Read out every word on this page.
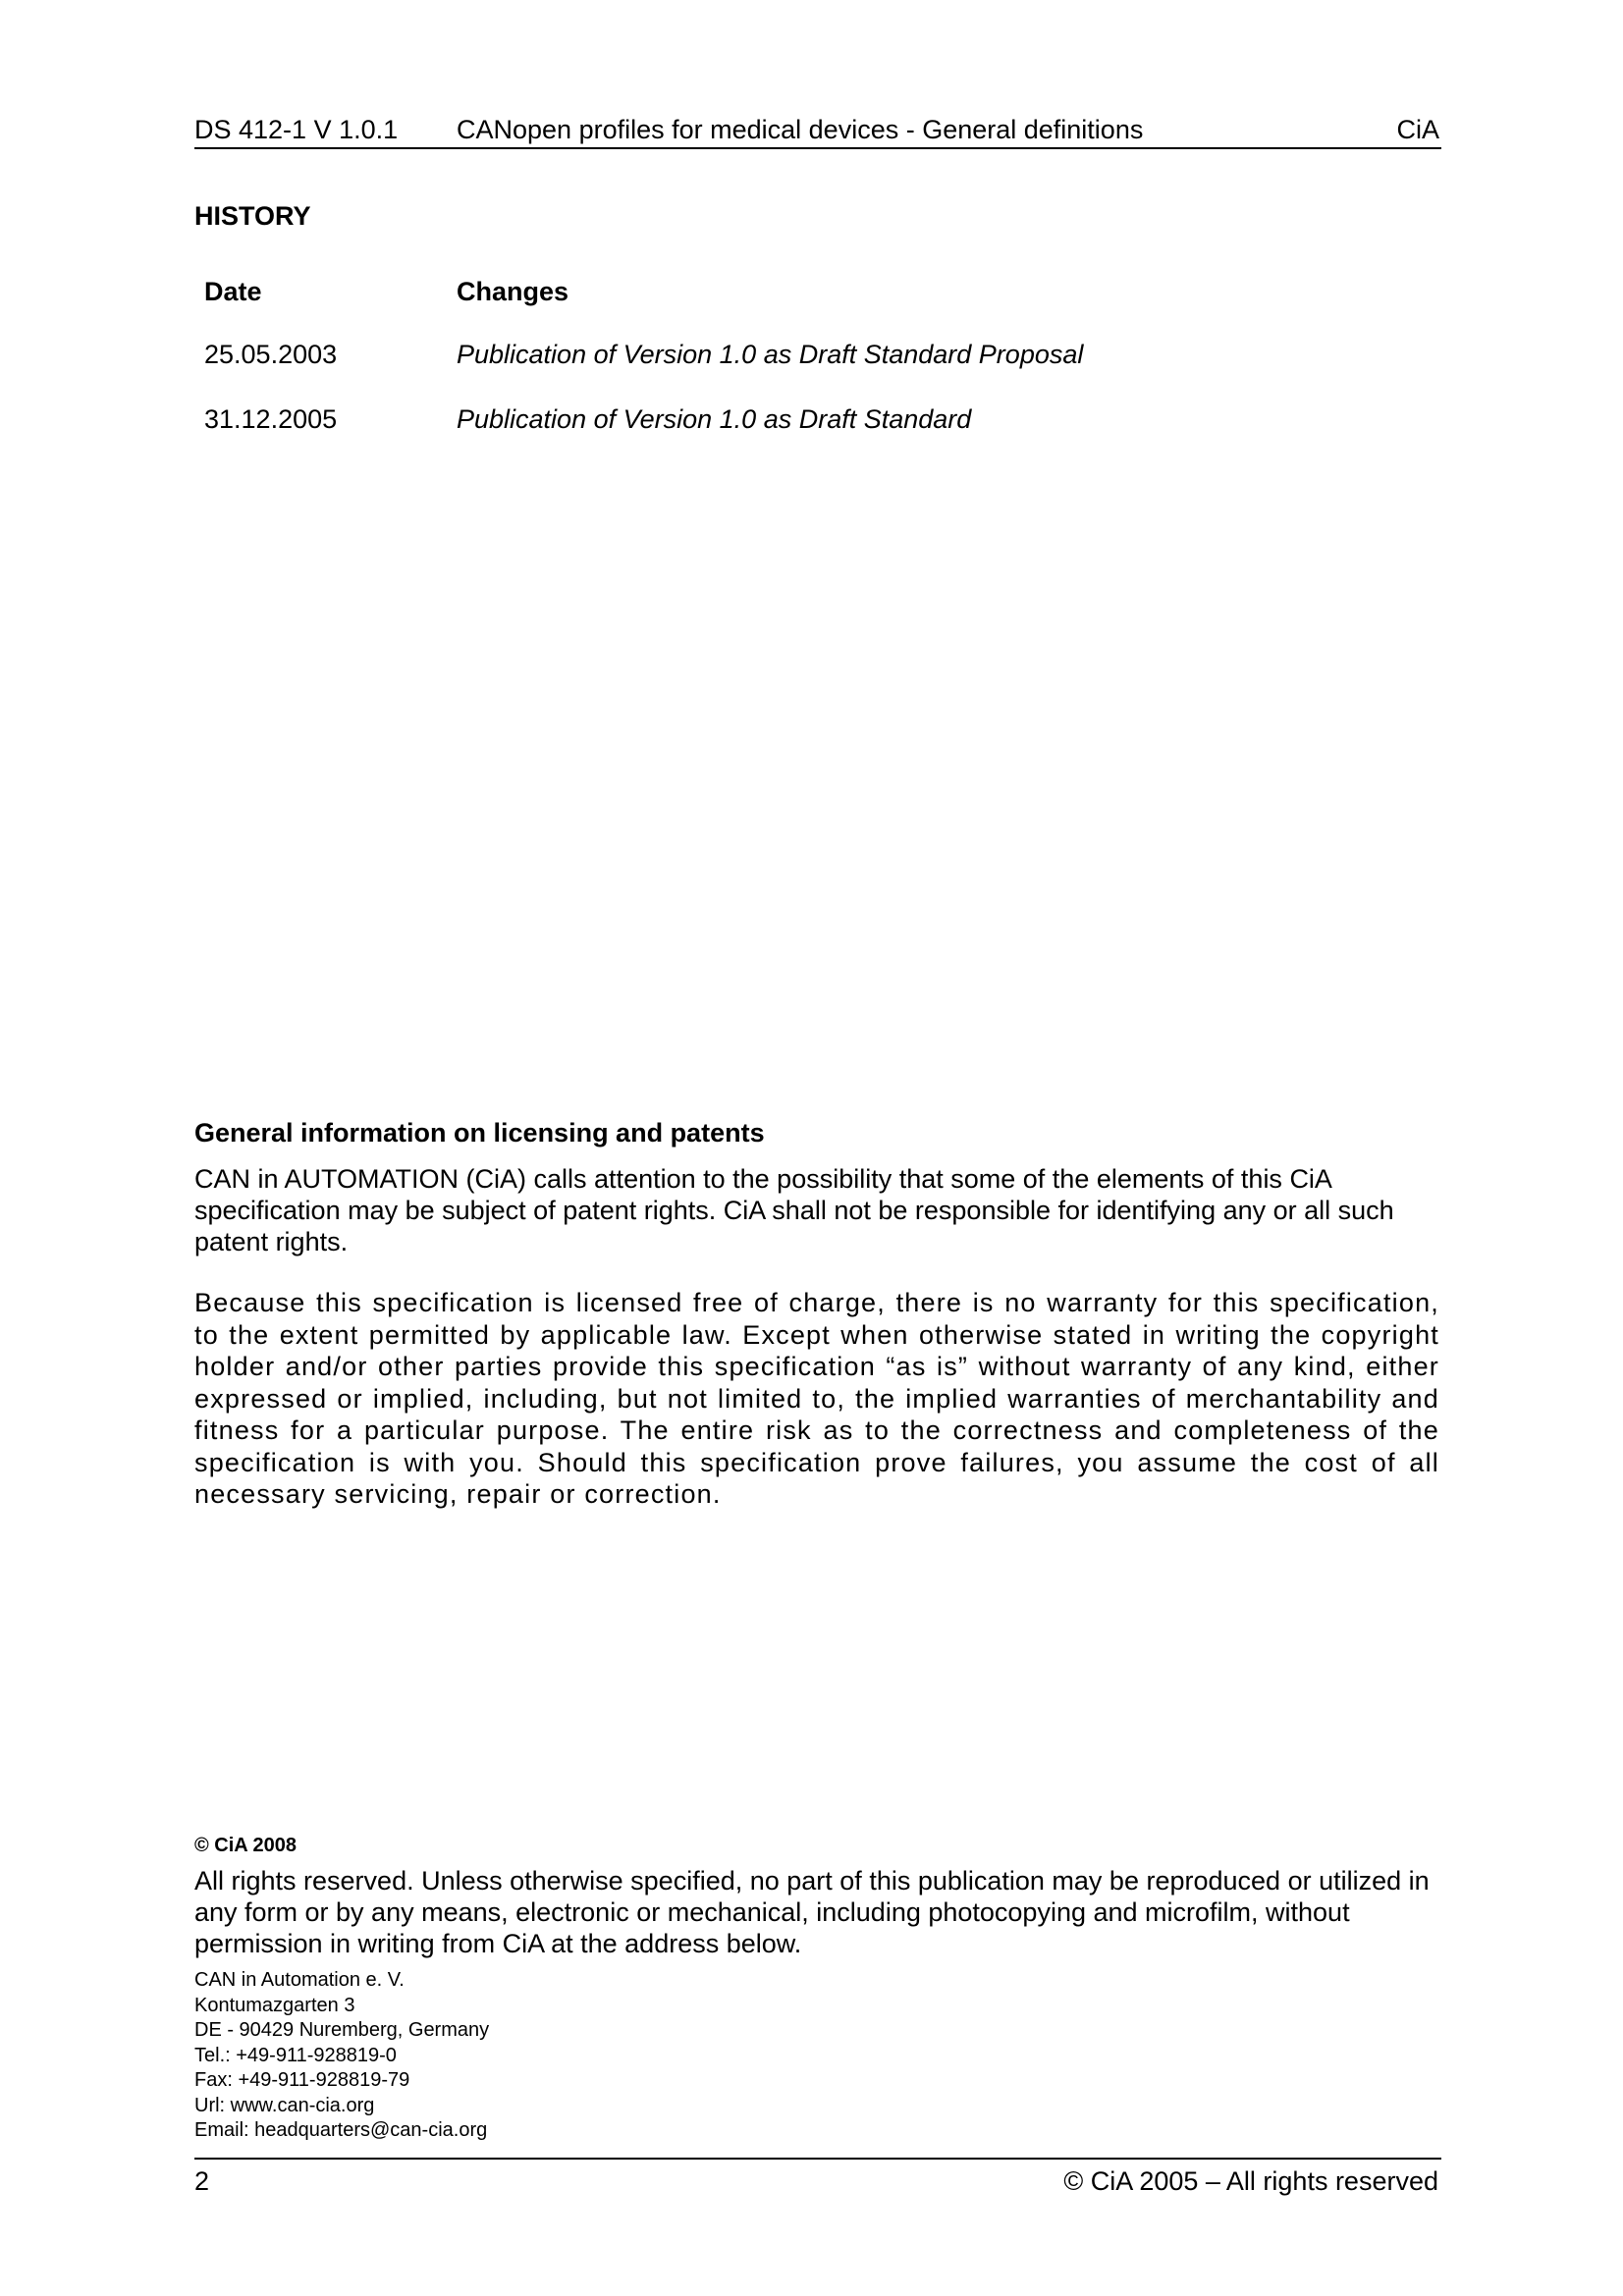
DS 412-1 V 1.0.1 CANopen profiles for medical devices - General definitions	CiA
HISTORY
Date	Changes
25.05.2003	Publication of Version 1.0 as Draft Standard Proposal
31.12.2005	Publication of Version 1.0 as Draft Standard
General information on licensing and patents

CAN in AUTOMATION (CiA) calls attention to the possibility that some of the elements of this CiA specification may be subject of patent rights. CiA shall not be responsible for identifying any or all such patent rights.

Because this specification is licensed free of charge, there is no warranty for this specification, to the extent permitted by applicable law. Except when otherwise stated in writing the copyright holder and/or other parties provide this specification “as is” without warranty of any kind, either expressed or implied, including, but not limited to, the implied warranties of merchantability and fitness for a particular purpose. The entire risk as to the correctness and completeness of the specification is with you. Should this specification prove failures, you assume the cost of all necessary servicing, repair or correction.

© CiA 2008

All rights reserved. Unless otherwise specified, no part of this publication may be reproduced or utilized in any form or by any means, electronic or mechanical, including photocopying and microfilm, without permission in writing from CiA at the address below.

CAN in Automation e. V.
Kontumazgarten 3
DE - 90429 Nuremberg, Germany
Tel.: +49-911-928819-0
Fax: +49-911-928819-79
Url: www.can-cia.org
Email: headquarters@can-cia.org
2	© CiA 2005 – All rights reserved
